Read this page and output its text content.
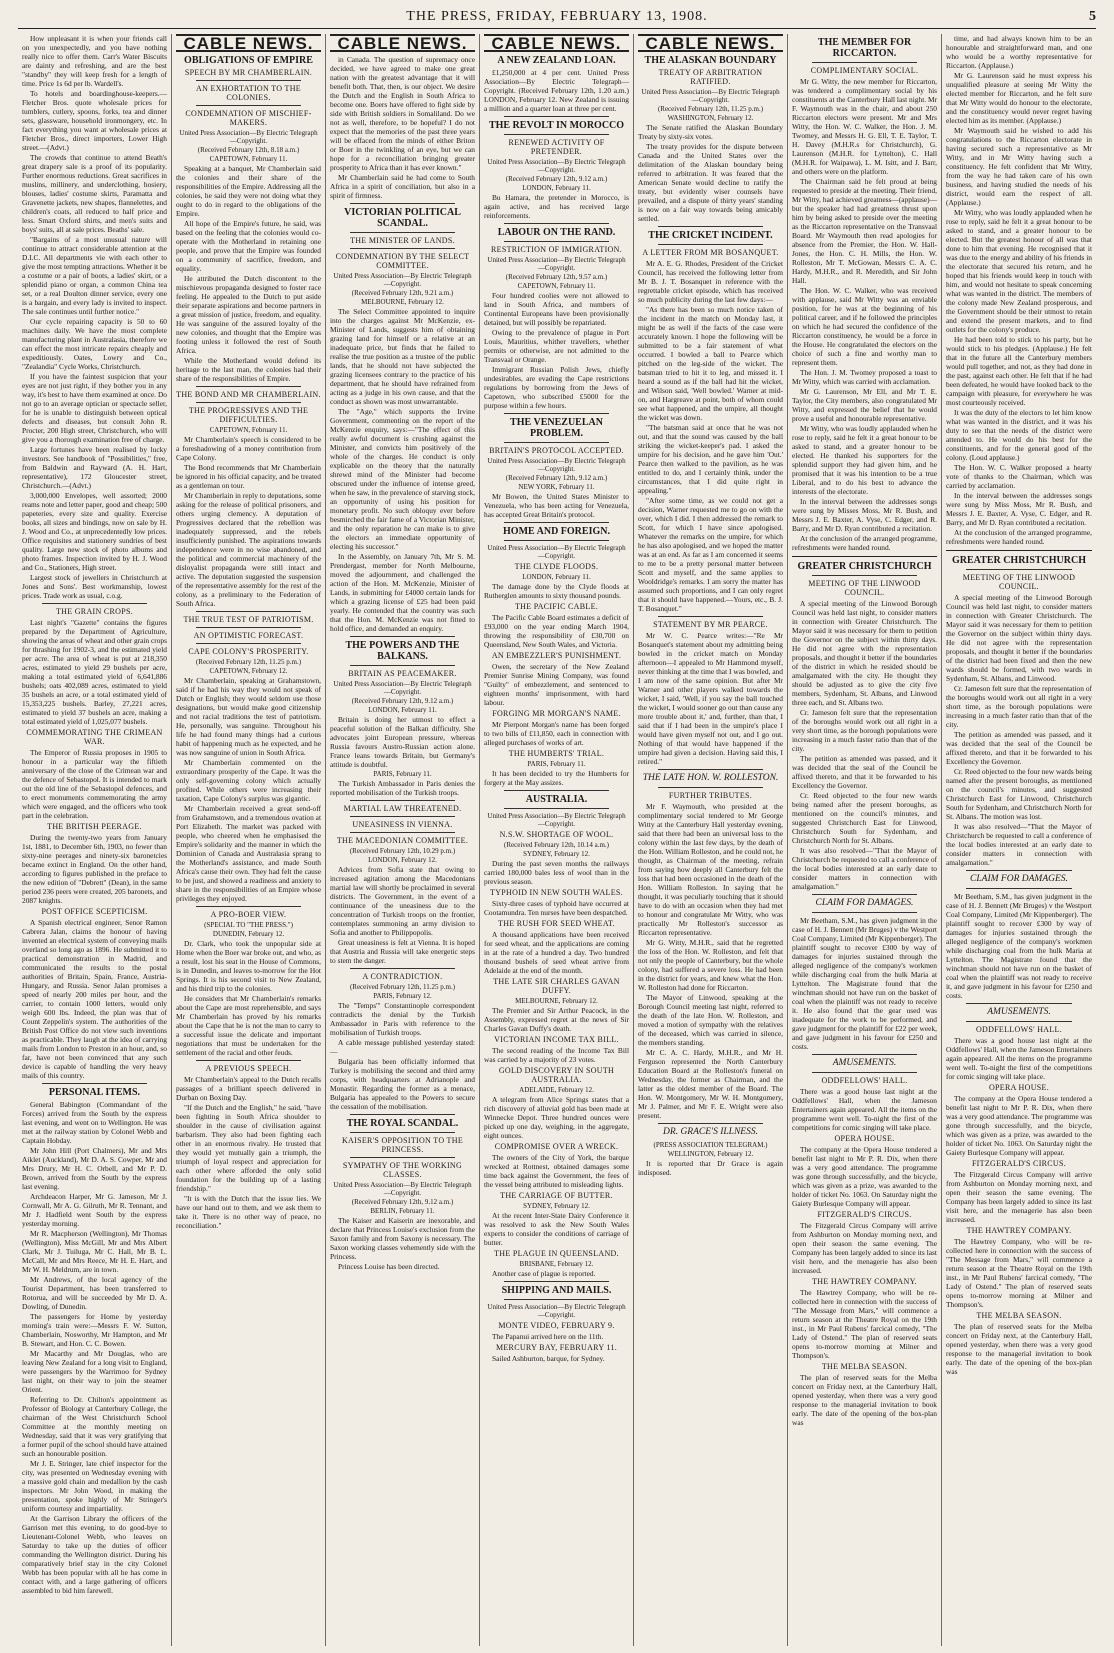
THE PRESS, FRIDAY, FEBRUARY 13, 1908.	5

How unpleasant it is when your friends call on you unexpectedly, and you have nothing really nice to offer them. Carr's Water Biscuits are dainty and refreshing, and are the best "standby" they will keep fresh for a length of time. Price 1s 6d per lb. Wardell's.

To hotels and boardinghouse-keepers.—Fletcher Bros. quote wholesale prices for tumblers, cutlery, spoons, forks, tea and dinner sets, glassware, household ironmongery, etc. In fact everything you want at wholesale prices at Fletcher Bros., direct importers, Lower High street.—(Advt.)

The crowds that continue to attend Beath's great drapery sale is a proof of its popularity. Further enormous reductions. Great sacrifices in muslins, millinery, and underclothing, hosiery, blouses, ladies' costume skirts, Paramatta and Gravenette jackets, new shapes, flannelettes, and children's coats, all reduced to half price and less. Smart Oxford shirts, and men's suits and boys' suits, all at sale prices. Beaths' sale.

"Bargains of a most unusual nature will continue to attract considerable attention at the D.I.C. All departments vie with each other to give the most tempting attractions. Whether it be a costume or a pair of boots, a ladies' skirt, or a splendid piano or organ, a common China tea set, or a real Doulton dinner service, every one is a bargain, and every lady is invited to inspect. The sale continues until further notice."

Our cycle repairing capacity is 50 to 60 machines daily. We have the most complete manufacturing plant in Australasia, therefore we can effect the most intricate repairs cheaply and expeditiously. Oates, Lowry and Co., "Zealandia" Cycle Works, Christchurch.

If you have the faintest suspicion that your eyes are not just right, if they bother you in any way, it's best to have them examined at once. Do not go to an average optician or spectacle seller, for he is unable to distinguish between optical defects and diseases, but consult John R. Procter, 200 High street, Christchurch, who will give you a thorough examination free of charge.

Large fortunes have been realised by lucky investors. See handbook of "Possibilities," free, from Baldwin and Rayward (A. H. Hart, representative), 172 Gloucester street, Christchurch.—(Advt.)

3,000,000 Envelopes, well assorted; 2000 reams note and letter paper, good and cheap; 500 papeteries, every size and quality. Exercise books, all sizes and bindings, now on sale by H. J. Wood and Co., at unprecedentedly low prices. Office requisites and stationery sundries of best quality. Large new stock of photo albums and photo frames. Inspection invited by H. J. Wood and Co., Stationers, High street.

Largest stock of jewellers in Christchurch at Jones and Sons'. Best workmanship, lowest prices. Trade work as usual, c.o.g.

THE GRAIN CROPS.

Last night's "Gazette" contains the figures prepared by the Department of Agriculture, showing the areas of wheat and other grain crops for thrashing for 1902-3, and the estimated yield per acre. The area of wheat is put at 218,350 acres, estimated to yield 29 bushels per acre, making a total estimated yield of 6,641,886 bushels; oats 402,089 acres, estimated to yield 35 bushels an acre, or a total estimated yield of 15,353,225 bushels. Barley, 27,221 acres, estimated to yield 37 bushels an acre, making a total estimated yield of 1,025,077 bushels.

COMMEMORATING THE CRIMEAN WAR.

The Emperor of Russia proposes in 1905 to honour in a particular way the fiftieth anniversary of the close of the Crimean war and the defence of Sebastopol. It is intended to mark out the old line of the Sebastopol defences, and to erect monuments commemorating the army which were engaged, and the officers who took part in the celebration.

THE BRITISH PEERAGE.

During the twenty-two years from January 1st, 1881, to December 6th, 1903, no fewer than sixty-nine peerages and ninety-six baronetcies became extinct in England. On the other hand, according to figures published in the preface to the new edition of "Debrett" (Dean), in the same period 236 peers were created, 205 baronets, and 2087 knights.

POST OFFICE SCEPTICISM.

A Spanish electrical engineer, Senor Ramon Cabrera Jalan, claims the honour of having invented an electrical system of conveying mails overland so long ago as 1896. He submitted it to practical demonstration in Madrid, and communicated the results to the postal authorities of Britain, Spain, France, Austria-Hungary, and Russia. Senor Jalan promises a speed of nearly 200 miles per hour, and the carrier, to contain 1000 letters, would only weigh 600 lbs. Indeed, the plan was that of Count Zeppelin's system. The authorities of the British Post Office do not view such inventions as practicable. They laugh at the idea of carrying mails from London to Preston in an hour, and, so far, have not been convinced that any such device is capable of handling the very heavy mails of this country.

PERSONAL ITEMS.

General Babington (Commandant of the Forces) arrived from the South by the express last evening, and went on to Wellington. He was met at the railway station by Colonel Webb and Captain Hobday.

Mr John Hill (Port Chalmers), Mr and Mrs Aiklet (Auckland), Mr D. A. S. Cowper, Mr and Mrs Drury, Mr H. C. Orbell, and Mr P. D. Brown, arrived from the South by the express last evening.

Archdeacon Harper, Mr G. Jameson, Mr J. Cornwall, Mr A. G. Gilruth, Mr R. Tennant, and Mr J. Hadfield went South by the express yesterday morning.

Mr R. Macpherson (Wellington), Mr Thomas (Wellington), Miss McGill, Mr and Mrs Albert Clark, Mr J. Tuiluga, Mr C. Hall, Mr B. L. McCall, Mr and Mrs Reece, Mr H. E. Hart, and Mr W. H. Meldrum, are in town.

Mr Andrews, of the local agency of the Tourist Department, has been transferred to Rotorua, and will be succeeded by Mr D. A. Dowling, of Dunedin.

The passengers for Home by yesterday morning's train were:—Messrs F. W. Sutton, Chamberlain, Nosworthy, Mr Hampton, and Mr B. Stewart, and Hon. C. C. Bowen.

Mr Macarthy and Mr Douglas, who are leaving New Zealand for a long visit to England, were passengers by the Warrimoo for Sydney last night, on their way to join the steamer Orient.

Referring to Dr. Chilton's appointment as Professor of Biology at Canterbury College, the chairman of the West Christchurch School Committee at the monthly meeting on Wednesday, said that it was very gratifying that a former pupil of the school should have attained such an honourable position.

Mr J. E. Stringer, late chief inspector for the city, was presented on Wednesday evening with a massive gold chain and medallion by the cash inspectors. Mr John Wood, in making the presentation, spoke highly of Mr Stringer's uniform courtesy and impartiality.

At the Garrison Library the officers of the Garrison met this evening, to do good-bye to Lieutenant-Colonel Webb, who leaves on Saturday to take up the duties of officer commanding the Wellington district. During his comparatively brief stay in the city Colonel Webb has been popular with all he has come in contact with, and a large gathering of officers assembled to bid him farewell.

CABLE NEWS.
OBLIGATIONS OF EMPIRE
SPEECH BY MR CHAMBERLAIN.
AN EXHORTATION TO THE COLONIES.
CONDEMNATION OF MISCHIEF-MAKERS.
United Press Association—By Electric Telegraph—Copyright.
(Received February 12th, 8.18 a.m.)
CAPETOWN, February 11.

Speaking at a banquet, Mr Chamberlain said the colonies and their share of the responsibilities of the Empire. Addressing all the colonies, he said they were not doing what they ought to do in regard to the obligations of the Empire.

All hope of the Empire's future, he said, was based on the feeling that the colonies would co-operate with the Motherland in retaining one people, and prove that the Empire was founded on a community of sacrifice, freedom, and equality.

He attributed the Dutch discontent to the mischievous propaganda designed to foster race feeling. He appealed to the Dutch to put aside their separate aspirations and become partners in a great mission of justice, freedom, and equality. He was sanguine of the assured loyalty of the new colonies, and thought that the Empire was footing unless it followed the rest of South Africa.

While the Motherland would defend its heritage to the last man, the colonies had their share of the responsibilities of Empire.

THE BOND AND MR CHAMBERLAIN.
THE PROGRESSIVES AND THE DIFFICULTIES.
CAPETOWN, February 11.

Mr Chamberlain's speech is considered to be a foreshadowing of a money contribution from Cape Colony.

The Bond recommends that Mr Chamberlain be ignored in his official capacity, and be treated as a gentleman on tour.

Mr Chamberlain in reply to deputations, some asking for the release of political prisoners, and others urging clemency. A deputation of Progressives declared that the rebellion was inadequately suppressed, and the rebels insufficiently punished. The aspirations towards independence were in no wise abandoned, and the political and commercial machinery of the disloyalist propaganda were still intact and active. The deputation suggested the suspension of the representative assembly for the rest of the colony, as a preliminary to the Federation of South Africa.

THE TRUE TEST OF PATRIOTISM.
AN OPTIMISTIC FORECAST.
CAPE COLONY'S PROSPERITY.
(Received February 12th, 11.25 p.m.)
CAPETOWN, February 12.

Mr Chamberlain, speaking at Grahamstown, said if he had his way they would not speak of Dutch or English; they would seldom use those designations, but would make good citizenship and not racial traditions the test of patriotism. He, personally, was sanguine. Throughout his life he had found many things had a curious habit of happening much as he expected, and he was now sanguine of union in South Africa.

Mr Chamberlain commented on the extraordinary prosperity of the Cape. It was the only self-governing colony which actually profited. While others were increasing their taxation, Cape Colony's surplus was gigantic.

Mr Chamberlain received a great send-off from Grahamstown, and a tremendous ovation at Port Elizabeth. The market was packed with people, who cheered when he emphasised the Empire's solidarity and the manner in which the Dominion of Canada and Australasia sprang to the Motherland's assistance, and made South Africa's cause their own. They had felt the cause to be just, and showed a readiness and anxiety to share in the responsibilities of an Empire whose privileges they enjoyed.

A PRO-BOER VIEW.
(SPECIAL TO "THE PRESS.")
DUNEDIN, February 12.

Dr. Clark, who took the unpopular side at Home when the Boer war broke out, and who, as a result, lost his seat in the House of Commons, is in Dunedin, and leaves to-morrow for the Hot Springs. It is his second visit to New Zealand, and his third trip to the colonies.

He considers that Mr Chamberlain's remarks about the Cape are most reprehensible, and says Mr Chamberlain has proved by his remarks about the Cape that he is not the man to carry to a successful issue the delicate and important negotiations that must be undertaken for the settlement of the racial and other feuds.

A PREVIOUS SPEECH.

Mr Chamberlain's appeal to the Dutch recalls passages of a brilliant speech delivered in Durban on Boxing Day.

"If the Dutch and the English," he said, "have been fighting in South Africa shoulder to shoulder in the cause of civilisation against barbarism. They also had been fighting each other in an enormous rivalry. He trusted that they would yet mutually gain a triumph, the triumph of loyal respect and appreciation for each other where afforded the only solid foundation for the building up of a lasting friendship."

"It is with the Dutch that the issue lies. We have our hand out to them, and we ask them to take it. There is no other way of peace, no reconciliation."

CABLE NEWS.

in Canada. The question of supremacy once decided, we have agreed to make one great nation with the greatest advantage that it will benefit both. That, then, is our object. We desire the Dutch and the English in South Africa to become one. Boers have offered to fight side by side with British soldiers in Somaliland. Do we not as well, therefore, to be hopeful? I do not expect that the memories of the past three years will be effaced from the minds of either Briton or Boer in the twinkling of an eye, but we can hope for a reconciliation bringing greater prosperity to Africa than it has ever known."

Mr Chamberlain said he had come to South Africa in a spirit of conciliation, but also in a spirit of firmness.

VICTORIAN POLITICAL SCANDAL.
THE MINISTER OF LANDS.
CONDEMNATION BY THE SELECT COMMITTEE.
United Press Association—By Electric Telegraph—Copyright.
(Received February 12th, 9.21 a.m.)
MELBOURNE, February 12.

The Select Committee appointed to inquire into the charges against Mr McKenzie, ex-Minister of Lands, suggests him of obtaining grazing land for himself or a relative at an inadequate price, but finds that he failed to realise the true position as a trustee of the public lands, that he should not have subjected the grazing licensees contrary to the practice of his department, that he should have refrained from acting as a judge in his own cause, and that the conduct as shown was most unwarrantable.

The "Age," which supports the Irvine Government, commenting on the report of the McKenzie enquiry, says:—"The effect of this really awful document is crushing against the Minister, and convicts him positively of the whole of the charges. He conduct is only explicable on the theory that the naturally shrewd mind of the Minister had become obscured under the influence of intense greed, when he saw, in the prevalence of starving stock, an opportunity of using his position for monetary profit. No such obloquy ever before besmirched the fair fame of a Victorian Minister, and the only reparation he can make is to give the electors an immediate opportunity of electing his successor."

In the Assembly, on January 7th, Mr S. M. Prendergast, member for North Melbourne, moved the adjournment, and challenged the action of the Hon. M. McKenzie, Minister of Lands, in submitting for £4000 certain lands for which a grazing license of £25 had been paid yearly. He contended that the country was such that the Hon. M. McKenzie was not fitted to hold office, and demanded an enquiry.

THE POWERS AND THE BALKANS.
BRITAIN AS PEACEMAKER.
United Press Association—By Electric Telegraph—Copyright.
(Received February 12th, 9.12 a.m.)
LONDON, February 11.

Britain is doing her utmost to effect a peaceful solution of the Balkan difficulty. She advocates joint European pressure, whereas Russia favours Austro-Russian action alone. France leans towards Britain, but Germany's attitude is doubtful.

PARIS, February 11.

The Turkish Ambassador in Paris denies the reported mobilisation of the Turkish troops.

MARTIAL LAW THREATENED.
UNEASINESS IN VIENNA.
THE MACEDONIAN COMMITTEE.
(Received February 12th, 10.29 p.m.)
LONDON, February 12.

Advices from Sofia state that owing to increased agitation among the Macedonians martial law will shortly be proclaimed in several districts. The Government, in the event of a continuance of the uneasiness due to the concentration of Turkish troops on the frontier, contemplates summoning an army division to Sofia and another to Philippopolis.

Great uneasiness is felt at Vienna. It is hoped that Austria and Russia will take energetic steps to stem the danger.

A CONTRADICTION.
(Received February 12th, 11.25 p.m.)
PARIS, February 12.

The "Temps'" Constantinople correspondent contradicts the denial by the Turkish Ambassador in Paris with reference to the mobilisation of Turkish troops.

A cable message published yesterday stated:—

Bulgaria has been officially informed that Turkey is mobilising the second and third army corps, with headquarters at Adrianople and Monastir. Regarding the former as a menace, Bulgaria has appealed to the Powers to secure the cessation of the mobilisation.

THE ROYAL SCANDAL.
KAISER'S OPPOSITION TO THE PRINCESS.
SYMPATHY OF THE WORKING CLASSES.
United Press Association—By Electric Telegraph—Copyright.
(Received February 12th, 9.12 a.m.)
BERLIN, February 11.

The Kaiser and Kaiserin are inexorable, and declare that Princess Louise's exclusion from the Saxon family and from Saxony is necessary. The Saxon working classes vehemently side with the Princess.

Princess Louise has been directed.

CABLE NEWS.
A NEW ZEALAND LOAN.

£1,250,000 at 4 per cent. United Press Association—By Electric Telegraph—Copyright. (Received February 12th, 1.20 a.m.) LONDON, February 12. New Zealand is issuing a million and a quarter loan at three per cent.

THE REVOLT IN MOROCCO
RENEWED ACTIVITY OF PRETENDER.
United Press Association—By Electric Telegraph—Copyright.
(Received February 12th, 9.12 a.m.)
LONDON, February 11.

Bu Hamara, the pretender in Morocco, is again active, and has received large reinforcements.

LABOUR ON THE RAND.
RESTRICTION OF IMMIGRATION.
United Press Association—By Electric Telegraph—Copyright.
(Received February 12th, 9.57 a.m.)
CAPETOWN, February 11.

Four hundred coolies were not allowed to land in South Africa, and numbers of Continental Europeans have been provisionally detained, but will possibly be repatriated.

Owing to the prevalence of plague in Port Louis, Mauritius, whither travellers, whether permits or otherwise, are not admitted to the Transvaal or Orange.

Immigrant Russian Polish Jews, chiefly undesirables, are evading the Cape restrictions regulations by borrowing from the Jews of Capetown, who subscribed £5000 for the purpose within a few hours.

THE VENEZUELAN PROBLEM.
BRITAIN'S PROTOCOL ACCEPTED.
United Press Association—By Electric Telegraph—Copyright.
(Received February 12th, 9.12 a.m.)
NEW YORK, February 11.

Mr Bowen, the United States Minister to Venezuela, who has been acting for Venezuela, has accepted Great Britain's protocol.

HOME AND FOREIGN.
United Press Association—By Electric Telegraph—Copyright.
THE CLYDE FLOODS.
LONDON, February 11.

The damage done by the Clyde floods at Rutherglen amounts to sixty thousand pounds.

THE PACIFIC CABLE.

The Pacific Cable Board estimates a deficit of £93,000 on the year ending March 1904, throwing the responsibility of £30,700 on Queensland, New South Wales, and Victoria.

AN EMBEZZLER'S PUNISHMENT.

Owen, the secretary of the New Zealand Premier Sunrise Mining Company, was found "Guilty" of embezzlement, and sentenced to eighteen months' imprisonment, with hard labour.

FORGING MR MORGAN'S NAME.

Mr Pierpont Morgan's name has been forged to two bills of £11,850, each in connection with alleged purchases of works of art.

THE HUMBERTS' TRIAL.
PARIS, February 11.

It has been decided to try the Humberts for forgery at the May assizes.

AUSTRALIA.
United Press Association—By Electric Telegraph—Copyright.
N.S.W. SHORTAGE OF WOOL.
(Received February 12th, 10.14 a.m.)
SYDNEY, February 12.

During the past seven months the railways carried 180,000 bales less of wool than in the previous season.

TYPHOID IN NEW SOUTH WALES.

Sixty-three cases of typhoid have occurred at Cootamundra. Ten nurses have been despatched.

THE RUSH FOR SEED WHEAT.

A thousand applications have been received for seed wheat, and the applications are coming in at the rate of a hundred a day. Two hundred thousand bushels of seed wheat arrive from Adelaide at the end of the month.

THE LATE SIR CHARLES GAVAN DUFFY.
MELBOURNE, February 12.

The Premier and Sir Arthur Peacock, in the Assembly, expressed regret at the news of Sir Charles Gavan Duffy's death.

VICTORIAN INCOME TAX BILL.

The second reading of the Income Tax Bill was carried by a majority of 23 votes.

GOLD DISCOVERY IN SOUTH AUSTRALIA.
ADELAIDE, February 12.

A telegram from Alice Springs states that a rich discovery of alluvial gold has been made at Winnecke Depot. Three hundred ounces were picked up one day, weighing, in the aggregate, eight ounces.

COMPROMISE OVER A WRECK.

The owners of the City of York, the barque wrecked at Rottnest, obtained damages some time back against the Government, the fees of the vessel being attributed to misleading lights.

THE CARRIAGE OF BUTTER.
SYDNEY, February 12.

At the recent Inter-State Dairy Conference it was resolved to ask the New South Wales experts to consider the conditions of carriage of butter.

THE PLAGUE IN QUEENSLAND.
BRISBANE, February 12.

Another case of plague is reported.

SHIPPING AND MAILS.
United Press Association—By Electric Telegraph—Copyright.
MONTE VIDEO, FEBRUARY 9.

The Papanui arrived here on the 11th.

MERCURY BAY, FEBRUARY 11.

Sailed Ashburton, barque, for Sydney.

CABLE NEWS.
THE ALASKAN BOUNDARY
TREATY OF ARBITRATION RATIFIED.
United Press Association—By Electric Telegraph—Copyright.
(Received February 12th, 11.25 p.m.)
WASHINGTON, February 12.

The Senate ratified the Alaskan Boundary Treaty by sixty-six votes.

The treaty provides for the dispute between Canada and the United States over the delimitation of the Alaskan boundary being referred to arbitration. It was feared that the American Senate would decline to ratify the treaty, but evidently wiser counsels have prevailed, and a dispute of thirty years' standing is now on a fair way towards being amicably settled.

THE CRICKET INCIDENT.
A LETTER FROM MR BOSANQUET.

Mr A. E. G. Rhodes, President of the Cricket Council, has received the following letter from Mr B. J. T. Bosanquet in reference with the regrettable cricket episode, which has received so much publicity during the last few days:—

"As there has been so much notice taken of the incident in the match on Monday last, it might be as well if the facts of the case were accurately known. I hope the following will be submitted to be a fair statement of what occurred. I bowled a ball to Pearce which pitched on the leg-side of the wicket. The batsman tried to hit it to leg, and missed it. I heard a sound as if the ball had hit the wicket, and Wilson said, 'Well bowled.' Warner at mid-on, and Hargreave at point, both of whom could see what happened, and the umpire, all thought the wicket was down.

"The batsman said at once that he was not out, and that the sound was caused by the ball striking the wicket-keeper's pad. I asked the umpire for his decision, and he gave him 'Out.' Pearce then walked to the pavilion, as he was entitled to do, and I certainly think, under the circumstances, that I did quite right in appealing."

"After some time, as we could not get a decision, Warner requested me to go on with the over, which I did. I then addressed the remark to Scott, for which I have since apologised. Whatever the remarks on the umpire, for which he has also apologised, and we hoped the matter was at an end. As far as I am concerned it seems to me to be a pretty personal matter between Scott and myself, and the same applies to Wooldridge's remarks. I am sorry the matter has assumed such proportions, and I can only regret that it should have happened.—Yours, etc., B. J. T. Bosanquet."

STATEMENT BY MR PEARCE.

Mr W. C. Pearce writes:—"Re Mr Bosanquet's statement about my admitting being bowled in the cricket match on Monday afternoon—I appealed to Mr Hammond myself, never thinking at the time that I was bowled, and I am now of the same opinion. But after Mr Warner and other players walked towards the wicket, I said, 'Well, if you say the ball touched the wicket, I would sooner go out than cause any more trouble about it,' and, further, than that, I said that if I had been in the umpire's place I would have given myself not out, and I go out. Nothing of that would have happened if the umpire had given a decision. Having said this, I retired."

THE LATE HON. W. ROLLESTON.
FURTHER TRIBUTES.

Mr F. Waymouth, who presided at the complimentary social tendered to Mr George Witty at the Canterbury Hall yesterday evening, said that there had been an universal loss to the colony within the last few days, by the death of the Hon. William Rolleston, and he could not, he thought, as Chairman of the meeting, refrain from saying how deeply all Canterbury felt the loss that had been occasioned in the death of the Hon. William Rolleston. In saying that he thought, it was peculiarly touching that it should have to do with an occasion when they had met to honour and congratulate Mr Witty, who was practically Mr Rolleston's successor as Riccarton representative.

Mr G. Witty, M.H.R., said that he regretted the loss of the Hon. W. Rolleston, and felt that not only the people of Canterbury, but the whole colony, had suffered a severe loss. He had been in the district for years, and knew what the Hon. W. Rolleston had done for Riccarton.

The Mayor of Linwood, speaking at the Borough Council meeting last night, referred to the death of the late Hon. W. Rolleston, and moved a motion of sympathy with the relatives of the deceased, which was carried in silence, the members standing.

Mr C. A. C. Hardy, M.H.R., and Mr H. Ferguson represented the North Canterbury Education Board at the Rolleston's funeral on Wednesday, the former as Chairman, and the latter as the oldest member of the Board. The Hon. W. Montgomery, Mr W. H. Montgomery, Mr J. Palmer, and Mr F. E. Wright were also present.

DR. GRACE'S ILLNESS.
(PRESS ASSOCIATION TELEGRAM.)
WELLINGTON, February 12.

It is reported that Dr Grace is again indisposed.

THE MEMBER FOR RICCARTON.
COMPLIMENTARY SOCIAL.

Mr G. Witty, the new member for Riccarton, was tendered a complimentary social by his constituents at the Canterbury Hall last night. Mr F. Waymouth was in the chair, and about 250 Riccarton electors were present. Mr and Mrs Witty, the Hon. W. C. Walker, the Hon. J. M. Twomey, and Messrs H. G. Ell, T. E. Taylor, T. H. Davey (M.H.R.s for Christchurch), G. Laurenson (M.H.R. for Lyttelton), C. Hall (M.H.R. for Waipawa), L. M. Isitt, and J. Barr, and others were on the platform.

The Chairman said he felt proud at being requested to preside at the meeting. Their friend, Mr Witty, had achieved greatness—(applause)—but the speaker had had greatness thrust upon him by being asked to preside over the meeting as the Riccarton representative on the Transvaal Board. Mr Waymouth then read apologies for absence from the Premier, the Hon. W. Hall-Jones, the Hon. C. H. Mills, the Hon. W. Rolleston, Mr T. McGowan, Messrs C. A. C. Hardy, M.H.R., and R. Meredith, and Sir John Hall.

The Hon. W. C. Walker, who was received with applause, said Mr Witty was an enviable position, for he was at the beginning of his political career, and if he followed the principles on which he had secured the confidence of the Riccarton constituency, he would be a force in the House. He congratulated the electors on the choice of such a fine and worthy man to represent them.

The Hon. J. M. Twomey proposed a toast to Mr Witty, which was carried with acclamation.

Mr G. Laurenson, Mr Ell, and Mr T. E. Taylor, the City members, also congratulated Mr Witty, and expressed the belief that he would prove a useful and honourable representative.

Mr Witty, who was loudly applauded when he rose to reply, said he felt it a great honour to be asked to stand, and a greater honour to be elected. He thanked his supporters for the splendid support they had given him, and he promised that it was his intention to be a true Liberal, and to do his best to advance the interests of the electorate.

In the interval between the addresses songs were sung by Misses Moss, Mr R. Bush, and Messrs J. E. Baxter, A. Vyse, C. Edger, and R. Barry, and Mr D. Ryan contributed a recitation.

At the conclusion of the arranged programme, refreshments were handed round.

GREATER CHRISTCHURCH
MEETING OF THE LINWOOD COUNCIL.

A special meeting of the Linwood Borough Council was held last night, to consider matters in connection with Greater Christchurch. The Mayor said it was necessary for them to petition the Governor on the subject within thirty days. He did not agree with the representation proposals, and thought it better if the boundaries of the district in which he resided should be amalgamated with the city. He thought they should be adjusted as to give the city five members, Sydenham, St. Albans, and Linwood three each, and St. Albans two.

Cr. Jameson felt sure that the representation of the boroughs would work out all right in a very short time, as the borough populations were increasing in a much faster ratio than that of the city.

The petition as amended was passed, and it was decided that the seal of the Council be affixed thereto, and that it be forwarded to his Excellency the Governor.

Cr. Reed objected to the four new wards being named after the present boroughs, as mentioned on the council's minutes, and suggested Christchurch East for Linwood, Christchurch South for Sydenham, and Christchurch North for St. Albans.

It was also resolved—"That the Mayor of Christchurch be requested to call a conference of the local bodies interested at an early date to consider matters in connection with amalgamation."

CLAIM FOR DAMAGES.

Mr Beetham, S.M., has given judgment in the case of H. J. Bennett (Mr Bruges) v the Westport Coal Company, Limited (Mr Kippenberger). The plaintiff sought to recover £300 by way of damages for injuries sustained through the alleged negligence of the company's workmen while discharging coal from the hulk Maria at Lyttelton. The Magistrate found that the winchman should not have run on the basket of coal when the plaintiff was not ready to receive it. He also found that the gear used was inadequate for the work to be performed, and gave judgment for the plaintiff for £22 per week, and gave judgment in his favour for £250 and costs.

AMUSEMENTS.
ODDFELLOWS' HALL.

There was a good house last night at the Oddfellows' Hall, when the Jameson Entertainers again appeared. All the items on the programme went well. To-night the first of the competitions for comic singing will take place.

OPERA HOUSE.

The company at the Opera House tendered a benefit last night to Mr P. R. Dix, when there was a very good attendance. The programme was gone through successfully, and the bicycle, which was given as a prize, was awarded to the holder of ticket No. 1063. On Saturday night the Gaiety Burlesque Company will appear.

FITZGERALD'S CIRCUS.

The Fitzgerald Circus Company will arrive from Ashburton on Monday morning next, and open their season the same evening. The Company has been largely added to since its last visit here, and the menagerie has also been increased.

THE HAWTREY COMPANY.

The Hawtrey Company, who will be re-collected here in connection with the success of "The Message from Mars," will commence a return season at the Theatre Royal on the 19th inst., in Mr Paul Rubens' farcical comedy, "The Lady of Ostend." The plan of reserved seats opens to-morrow morning at Milner and Thompson's.

THE MELBA SEASON.

The plan of reserved seats for the Melba concert on Friday next, at the Canterbury Hall, opened yesterday, when there was a very good response to the managerial invitation to book early. The date of the opening of the box-plan was

time, and had always known him to be an honourable and straightforward man, and one who would be a worthy representative for Riccarton. (Applause.)

Mr G. Laurenson said he must express his unqualified pleasure at seeing Mr Witty the elected member for Riccarton, and he felt sure that Mr Witty would do honour to the electorate, and the constituency would never regret having elected him as its member. (Applause.)

Mr Waymouth said he wished to add his congratulations to the Riccarton electorate in having secured such a representative as Mr Witty, and in Mr Witty having such a constituency. He felt confident that Mr Witty, from the way he had taken care of his own business, and having studied the needs of his district, would earn the respect of all. (Applause.)

Mr Witty, who was loudly applauded when he rose to reply, said he felt it a great honour to be asked to stand, and a greater honour to be elected. But the greatest honour of all was that done to him that evening. He recognised that it was due to the energy and ability of his friends in the electorate that secured his return, and he hoped that his friends would keep in touch with him, and would not hesitate to speak concerning what was wanted in the district. The members of the colony made New Zealand prosperous, and the Government should be their utmost to retain and extend the present markets, and to find outlets for the colony's produce.

He had been told to stick to his party, but he would stick to his pledges. (Applause.) He felt that in the future all the Canterbury members would pull together, and not, as they had done in the past, against each other. He felt that if he had been defeated, he would have looked back to the campaign with pleasure, for everywhere he was most courteously received.

It was the duty of the electors to let him know what was wanted in the district, and it was his duty to see that the needs of the district were attended to. He would do his best for the constituents, and for the general good of the colony. (Loud applause.)

The Hon. W. C. Walker proposed a hearty vote of thanks to the Chairman, which was carried by acclamation.

In the interval between the addresses songs were sung by Miss Moss, Mr R. Bush, and Messrs J. E. Baxter, A. Vyse, C. Edger, and R. Barry, and Mr D. Ryan contributed a recitation.

At the conclusion of the arranged programme, refreshments were handed round.

GREATER CHRISTCHURCH
MEETING OF THE LINWOOD COUNCIL.

A special meeting of the Linwood Borough Council was held last night, to consider matters in connection with Greater Christchurch. The Mayor said it was necessary for them to petition the Governor on the subject within thirty days. He did not agree with the representation proposals, and thought it better if the boundaries of the district had been fixed and then the new wards should be formed, with two wards in Sydenham, St. Albans, and Linwood.

Cr. Jameson felt sure that the representation of the boroughs would work out all right in a very short time, as the borough populations were increasing in a much faster ratio than that of the city.

The petition as amended was passed, and it was decided that the seal of the Council be affixed thereto, and that it be forwarded to his Excellency the Governor.

Cr. Reed objected to the four new wards being named after the present boroughs, as mentioned on the council's minutes, and suggested Christchurch East for Linwood, Christchurch South for Sydenham, and Christchurch North for St. Albans. The motion was lost.

It was also resolved—"That the Mayor of Christchurch be requested to call a conference of the local bodies interested at an early date to consider matters in connection with amalgamation."

CLAIM FOR DAMAGES.

Mr Beetham, S.M., has given judgment in the case of H. J. Bennett (Mr Bruges) v the Westport Coal Company, Limited (Mr Kippenberger). The plaintiff sought to recover £300 by way of damages for injuries sustained through the alleged negligence of the company's workmen while discharging coal from the hulk Maria at Lyttelton. The Magistrate found that the winchman should not have run on the basket of coal when the plaintiff was not ready to receive it, and gave judgment in his favour for £250 and costs.

AMUSEMENTS.
ODDFELLOWS' HALL.

There was a good house last night at the Oddfellows' Hall, when the Jameson Entertainers again appeared. All the items on the programme went well. To-night the first of the competitions for comic singing will take place.

OPERA HOUSE.

The company at the Opera House tendered a benefit last night to Mr P. R. Dix, when there was a very good attendance. The programme was gone through successfully, and the bicycle, which was given as a prize, was awarded to the holder of ticket No. 1063. On Saturday night the Gaiety Burlesque Company will appear.

FITZGERALD'S CIRCUS.

The Fitzgerald Circus Company will arrive from Ashburton on Monday morning next, and open their season the same evening. The Company has been largely added to since its last visit here, and the menagerie has also been increased.

THE HAWTREY COMPANY.

The Hawtrey Company, who will be re-collected here in connection with the success of "The Message from Mars," will commence a return season at the Theatre Royal on the 19th inst., in Mr Paul Rubens' farcical comedy, "The Lady of Ostend." The plan of reserved seats opens to-morrow morning at Milner and Thompson's.

THE MELBA SEASON.

The plan of reserved seats for the Melba concert on Friday next, at the Canterbury Hall, opened yesterday, when there was a very good response to the managerial invitation to book early. The date of the opening of the box-plan was
